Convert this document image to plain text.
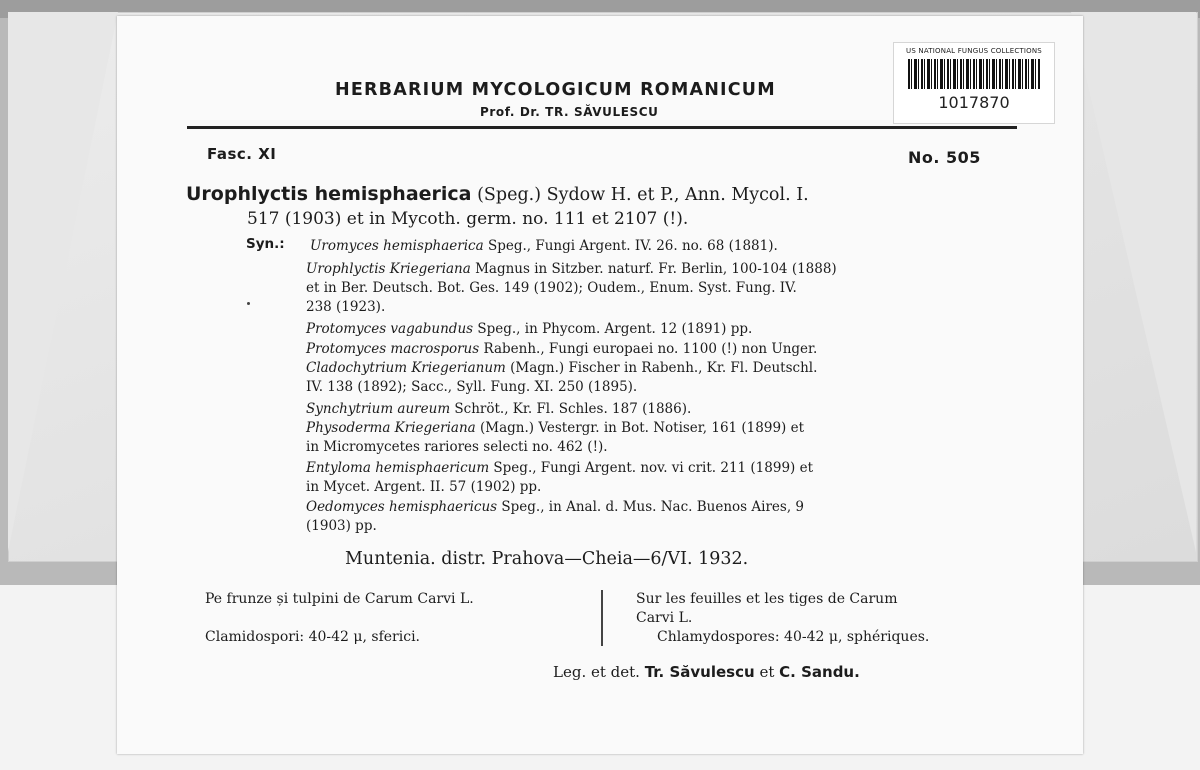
US NATIONAL FUNGUS COLLECTIONS
1017870
HERBARIUM MYCOLOGICUM ROMANICUM
Prof. Dr. TR. SĂVULESCU
Fasc. XI	No. 505
Urophlyctis hemisphaerica (Speg.) Sydow H. et P., Ann. Mycol. I.
517 (1903) et in Mycoth. germ. no. 111 et 2107 (!).
Syn.: Uromyces hemisphaerica Speg., Fungi Argent. IV. 26. no. 68 (1881).
Urophlyctis Kriegeriana Magnus in Sitzber. naturf. Fr. Berlin, 100-104 (1888)
et in Ber. Deutsch. Bot. Ges. 149 (1902); Oudem., Enum. Syst. Fung. IV.
238 (1923).
Protomyces vagabundus Speg., in Phycom. Argent. 12 (1891) pp.
Protomyces macrosporus Rabenh., Fungi europaei no. 1100 (!) non Unger.
Cladochytrium Kriegerianum (Magn.) Fischer in Rabenh., Kr. Fl. Deutschl.
IV. 138 (1892); Sacc., Syll. Fung. XI. 250 (1895).
Synchytrium aureum Schröt., Kr. Fl. Schles. 187 (1886).
Physoderma Kriegeriana (Magn.) Vestergr. in Bot. Notiser, 161 (1899) et
in Micromycetes rariores selecti no. 462 (!).
Entyloma hemisphaericum Speg., Fungi Argent. nov. vi crit. 211 (1899) et
in Mycet. Argent. II. 57 (1902) pp.
Oedomyces hemisphaericus Speg., in Anal. d. Mus. Nac. Buenos Aires, 9
(1903) pp.
Muntenia. distr. Prahova—Cheia—6/VI. 1932.
Pe frunze și tulpini de Carum Carvi L.
Clamidospori: 40-42 μ, sferici.
Sur les feuilles et les tiges de Carum
Carvi L.
Chlamydospores: 40-42 μ, sphériques.
Leg. et det. Tr. Săvulescu et C. Sandu.
